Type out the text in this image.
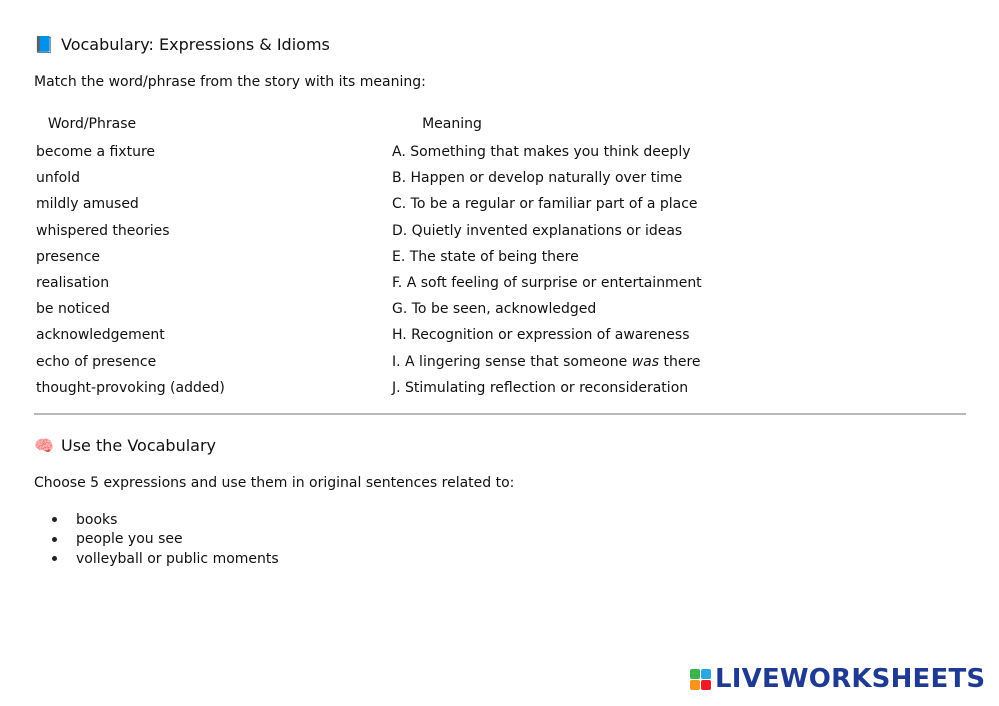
📘 Vocabulary: Expressions & Idioms
Match the word/phrase from the story with its meaning:
Word/Phrase	Meaning
become a fixture	A. Something that makes you think deeply
unfold	B. Happen or develop naturally over time
mildly amused	C. To be a regular or familiar part of a place
whispered theories	D. Quietly invented explanations or ideas
presence	E. The state of being there
realisation	F. A soft feeling of surprise or entertainment
be noticed	G. To be seen, acknowledged
acknowledgement	H. Recognition or expression of awareness
echo of presence	I. A lingering sense that someone was there
thought-provoking (added)	J. Stimulating reflection or reconsideration
🧠 Use the Vocabulary
Choose 5 expressions and use them in original sentences related to:
books
people you see
volleyball or public moments
LIVEWORKSHEETS
